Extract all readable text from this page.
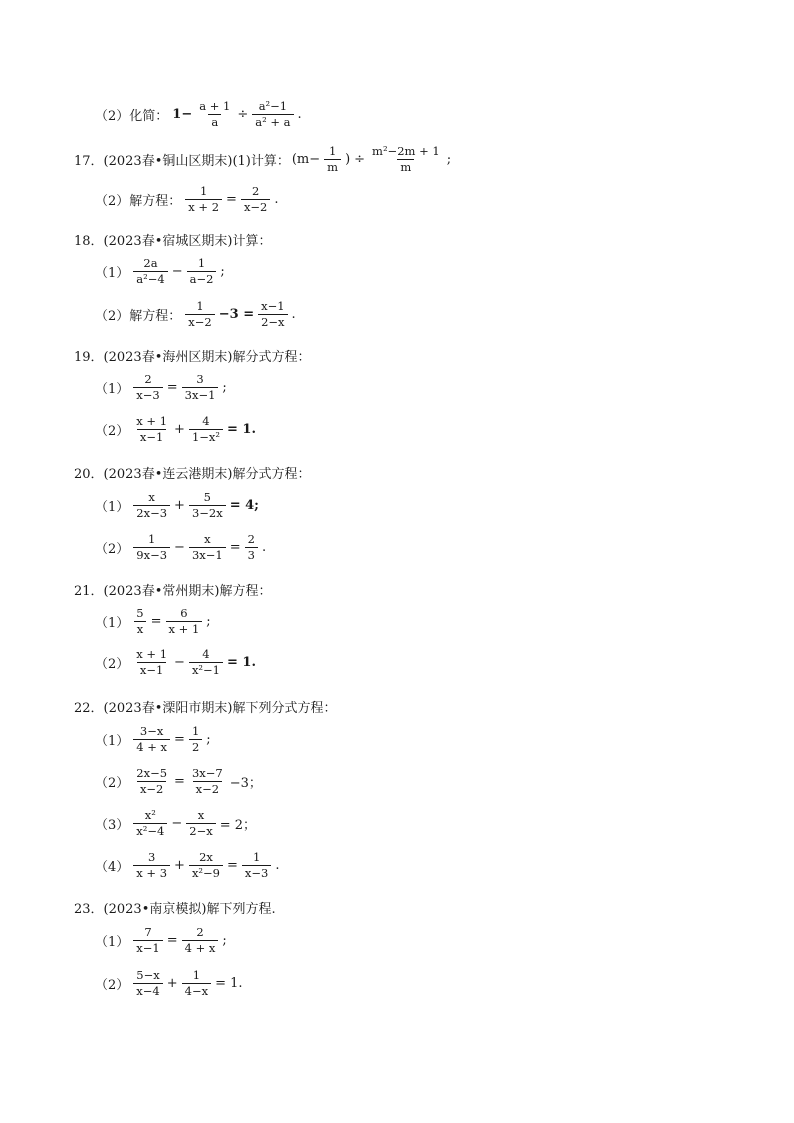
（2）化简： $1- \frac{a + 1}{a} \div \frac{\text{a²−1}}{\text{a² + a}}$ .
17．(2023春•铜山区期末)(1)计算： ($m- \frac{1}{m}$ ) ÷ $\frac{\text{m²−2m + 1}}{m}$ ;
（2）解方程： $\frac{1}{x + 2} = \frac{2}{x-2}$ .
18．(2023春•宿城区期末)计算：
$(1) \frac{2a}{\text{a²−4}} - \frac{1}{a-2}$ ;
（2）解方程： $\frac{1}{x-2} -3 = \frac{x-1}{2-x}$ .
19．(2023春•海州区期末)解分式方程：
$(1) \frac{2}{x-3} = \frac{3}{3x-1}$ ;
$(2) \frac{x + 1}{x-1} + \frac{4}{\text{1−x²}} = 1$.
20．(2023春•连云港期末)解分式方程：
$(1) \frac{x}{2x-3} + \frac{5}{3-2x} = 4$;
$(2) \frac{1}{9x-3} - \frac{x}{3x-1} = \frac{2}{3}$ .
21．(2023春•常州期末)解方程：
$(1) \frac{5}{x} = \frac{6}{x + 1}$ ;
$(2) \frac{x + 1}{x-1} - \frac{4}{\text{x²−1}} = 1$.
22．(2023春•溧阳市期末)解下列分式方程：
$(1) \frac{3-x}{4 + x} = \frac{1}{2}$ ;
$(2) \frac{2x-5}{x-2} = \frac{3x-7}{x-2} -3$；
$(3) \frac{\text{x²}}{\text{x²−4}} - \frac{x}{2-x} = 2$；
$(4) \frac{3}{x + 3} + \frac{2x}{\text{x²−9}} = \frac{1}{x-3}$ .
23．(2023•南京模拟)解下列方程.
$(1) \frac{7}{x-1} = \frac{2}{4 + x}$ ;
$(2) \frac{5-x}{x-4} + \frac{1}{4-x} = 1$.
